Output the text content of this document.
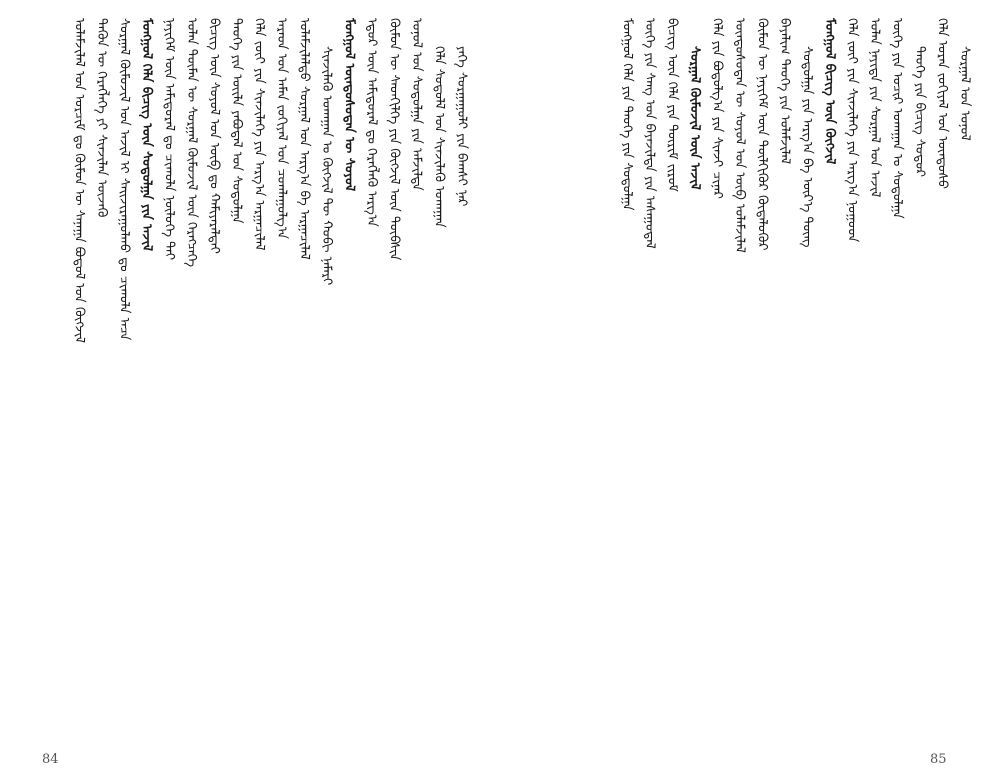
ᠤᠯᠠᠮᠵᠢᠯᠠᠯ ᠤᠨ ᠣᠷᠴᠢᠮ ᠳᠤ ᠬᠦᠮᠦᠨ ᠦ ᠰᠠᠨᠠᠭᠠ ᠪᠣᠳᠣᠯ ᠤᠨ ᠬᠥᠭᠵᠢᠯ ᠲᠡᠭᠦᠨ ᠦ ᠬᠡᠷᠡᠭᠯᠡᠭᠡ ᠶᠢ ᠰᠢᠨᠵᠢᠯᠡᠨ ᠦᠵᠡᠬᠦ ᠰᠤᠷᠭᠠᠯ ᠬᠦᠮᠦᠵᠢᠯ ᠤᠨ ᠠᠵᠢᠯ ᠢ ᠰᠠᠢᠵᠢᠷᠠᠭᠤᠯᠬᠤ ᠳᠤ ᠴᠢᠬᠤᠯᠠ ᠠᠴᠠ ᠮᠣᠩᠭᠣᠯ ᠬᠡᠯᠡ ᠪᠢᠴᠢᠭ ᠦᠨ ᠰᠤᠳᠤᠯᠭᠠ ᠶᠢᠨ ᠠᠵᠢᠯ ᠨᠡᠶᠢᠭᠡᠮ ᠦᠨ ᠠᠮᠢᠳᠤᠷᠠᠯ ᠳᠤ ᠴᠢᠬᠤᠯᠠ ᠨᠥᠯᠦᠭᠡ ᠲᠠᠢ ᠣᠯᠠᠨ ᠲᠦᠮᠡᠨ ᠦ ᠰᠤᠷᠭᠠᠯ ᠬᠦᠮᠦᠵᠢᠯ ᠦᠨ ᠬᠡᠷᠡᠭᠴᠡᠭᠡ ᠪᠢᠴᠢᠭ ᠦᠨ ᠰᠣᠶᠣᠯ ᠤᠨ ᠥᠪ ᠳᠤ ᠬᠠᠮᠢᠶᠠᠷᠠᠯᠲᠠᠢ ᠲᠡᠦᠬᠡ ᠶᠢᠨ ᠦᠢᠯᠡ ᠶᠠᠪᠤᠳᠠᠯ ᠤᠨ ᠰᠤᠳᠤᠯᠭᠠ ᠬᠡᠯᠡ ᠵᠦᠢ ᠶᠢᠨ ᠰᠢᠨᠵᠢᠯᠡᠭᠡ ᠶᠢᠨ ᠠᠷᠭ᠎ᠠ ᠠᠷᠭᠠᠴᠢᠯᠠᠯ ᠠᠷᠠᠳ ᠤᠨ ᠠᠮᠠᠨ ᠵᠣᠬᠢᠶᠠᠯ ᠤᠨ ᠴᠤᠭᠯᠠᠭᠤᠯᠭ᠎ᠠ ᠤᠯᠠᠮᠵᠢᠯᠠᠯᠲᠤ ᠰᠤᠷᠭᠠᠯ ᠤᠨ ᠠᠷᠭ᠎ᠠ ᠪᠠ ᠠᠷᠭᠠᠴᠢᠯᠠᠯ ᠰᠢᠨᠵᠢᠯᠡᠬᠦ ᠤᠬᠠᠭᠠᠨ ᠤ ᠬᠥᠭᠵᠢᠯ ᠲᠦ ᠬᠤᠪᠢ ᠨᠡᠮᠡᠷᠢ ᠮᠣᠩᠭᠣᠯ ᠦᠨᠳᠦᠰᠦᠲᠡᠨ ᠦ ᠰᠣᠶᠣᠯ ᠡᠳᠦᠷ ᠦᠨ ᠠᠮᠢᠳᠤᠷᠠᠯ ᠳᠤ ᠬᠡᠷᠡᠭᠯᠡᠬᠦ ᠠᠷᠭ᠎ᠠ ᠬᠦᠮᠦᠨ ᠦ ᠰᠡᠳᠬᠢᠯᠭᠡ ᠶᠢᠨ ᠬᠥᠭᠵᠢᠯ ᠦᠨ ᠲᠦᠪᠰᠢᠨ ᠣᠨᠣᠯ ᠤᠨ ᠰᠤᠳᠤᠯᠭᠠ ᠶᠢᠨ ᠠᠮᠵᠢᠯᠲᠠ ᠬᠡᠯᠡ ᠰᠤᠳᠤᠯᠯ ᠤᠨ ᠰᠢᠨᠵᠢᠯᠡᠬᠦ ᠤᠬᠠᠭᠠᠨ ᠶᠡᠬᠡ ᠰᠤᠷᠭᠠᠭᠤᠯᠢ ᠶᠢᠨ ᠪᠠᠭᠰᠢ ᠨᠠᠷ	ᠮᠣᠩᠭᠣᠯ ᠬᠡᠯᠡ ᠶᠢᠨ ᠲᠡᠦᠬᠡ ᠶᠢᠨ ᠰᠤᠳᠤᠯᠭᠠ ᠦᠭᠡ ᠶᠢᠨ ᠰᠠᠩ ᠤᠨ ᠪᠠᠶᠠᠵᠢᠯᠲᠠ ᠶᠢᠨ ᠠᠰᠠᠭᠤᠳᠠᠯ ᠪᠢᠴᠢᠭ ᠦᠨ ᠬᠡᠯᠡ ᠶᠢᠨ ᠳᠦᠷᠢᠮ ᠵᠢᠷᠤᠮ ᠰᠤᠷᠭᠠᠯ ᠬᠦᠮᠦᠵᠢᠯ ᠦᠨ ᠠᠵᠢᠯ ᠬᠡᠯᠡ ᠶᠢᠨ ᠪᠣᠳᠣᠯᠭ᠎ᠠ ᠶᠢᠨ ᠰᠢᠨᠵᠢ ᠴᠢᠨᠠᠷ ᠦᠨᠳᠦᠰᠦᠲᠡᠨ ᠦ ᠰᠣᠶᠣᠯ ᠤᠨ ᠥᠪ ᠤᠯᠠᠮᠵᠢᠯᠠᠯ ᠬᠦᠮᠦᠨ ᠦ ᠨᠡᠶᠢᠭᠡᠮ ᠦᠨ ᠲᠦᠯᠬᠢᠭᠦᠷ ᠬᠥᠳᠡᠯᠦᠭᠦᠷ ᠪᠠᠶᠠᠯᠢᠭ ᠲᠡᠦᠬᠡ ᠶᠢᠨ ᠤᠯᠠᠮᠵᠢᠯᠠᠯ ᠰᠤᠳᠤᠯᠭᠠ ᠶᠢᠨ ᠠᠷᠭ᠎ᠠ ᠪᠠ ᠦᠷ᠎ᠡ ᠳᠦᠩ ᠮᠣᠩᠭᠣᠯ ᠪᠢᠴᠢᠭ ᠦᠨ ᠬᠥᠭᠵᠢᠯ ᠬᠡᠯᠡ ᠵᠦᠢ ᠶᠢᠨ ᠰᠢᠨᠵᠢᠯᠡᠭᠡ ᠶᠢᠨ ᠠᠷᠭ᠎ᠠ ᠨᠤᠭᠤᠳ ᠣᠯᠠᠨ ᠨᠡᠶᠢᠲᠡ ᠶᠢᠨ ᠰᠤᠷᠭᠠᠯ ᠤᠨ ᠠᠵᠢᠯ ᠦᠭᠡ ᠶᠢᠨ ᠤᠴᠢᠷ ᠤᠬᠠᠭᠠᠨ ᠤ ᠰᠤᠳᠤᠯᠭᠠ ᠲᠡᠦᠬᠡ ᠶᠢᠨ ᠪᠢᠴᠢᠭ ᠰᠤᠳᠤᠷ ᠬᠡᠯᠡ ᠤᠷᠠᠨ ᠵᠣᠬᠢᠶᠠᠯ ᠤᠨ ᠦᠨᠳᠦᠰᠦ ᠰᠤᠷᠭᠠᠯ ᠤᠨ ᠣᠨᠣᠯ
84	85
